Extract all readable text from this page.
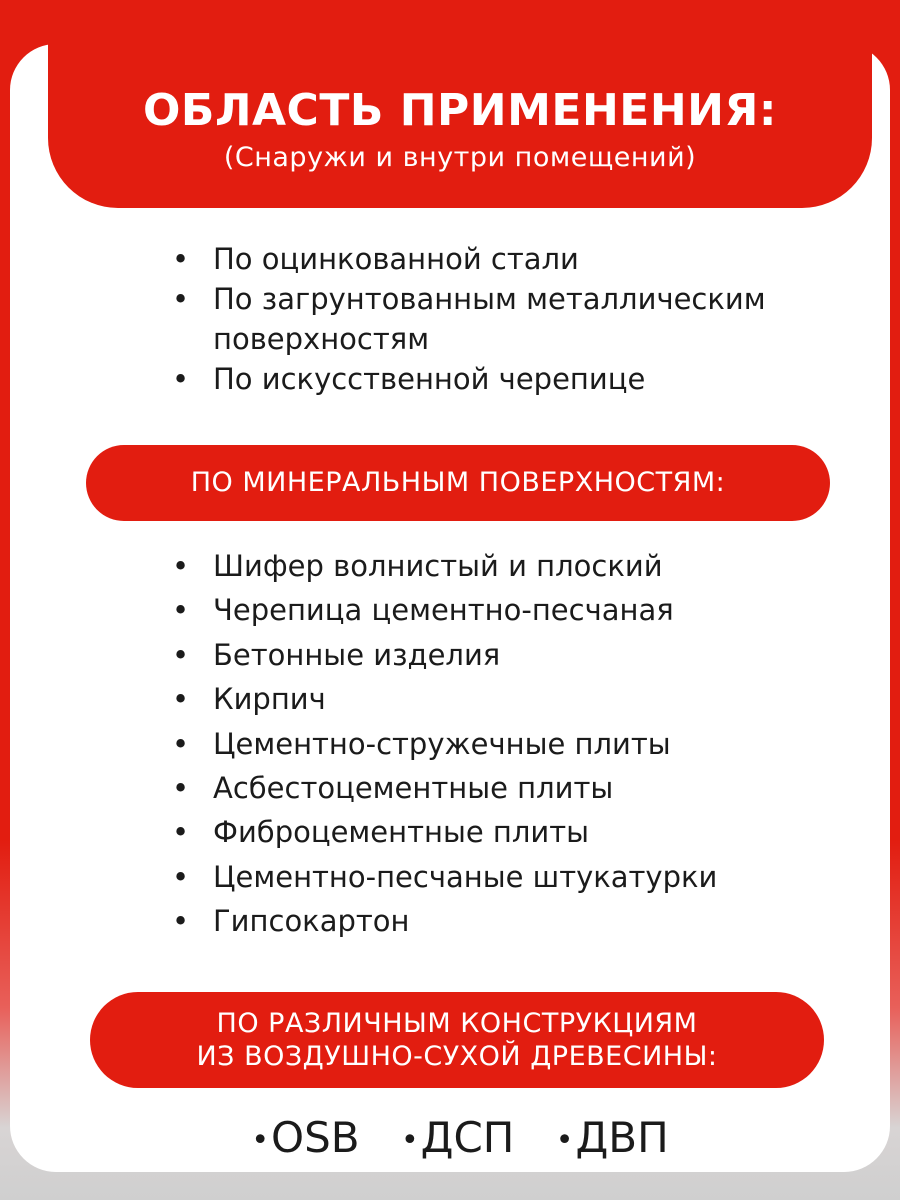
ОБЛАСТЬ ПРИМЕНЕНИЯ:

(Снаружи и внутри помещений)

• По оцинкованной стали
• По загрунтованным металлическим поверхностям
• По искусственной черепице
ПО МИНЕРАЛЬНЫМ ПОВЕРХНОСТЯМ:
• Шифер волнистый и плоский
• Черепица цементно-песчаная
• Бетонные изделия
• Кирпич
• Цементно-стружечные плиты
• Асбестоцементные плиты
• Фиброцементные плиты
• Цементно-песчаные штукатурки
• Гипсокартон
ПО РАЗЛИЧНЫМ КОНСТРУКЦИЯМ
ИЗ ВОЗДУШНО-СУХОЙ ДРЕВЕСИНЫ:
•OSB •ДСП •ДВП
